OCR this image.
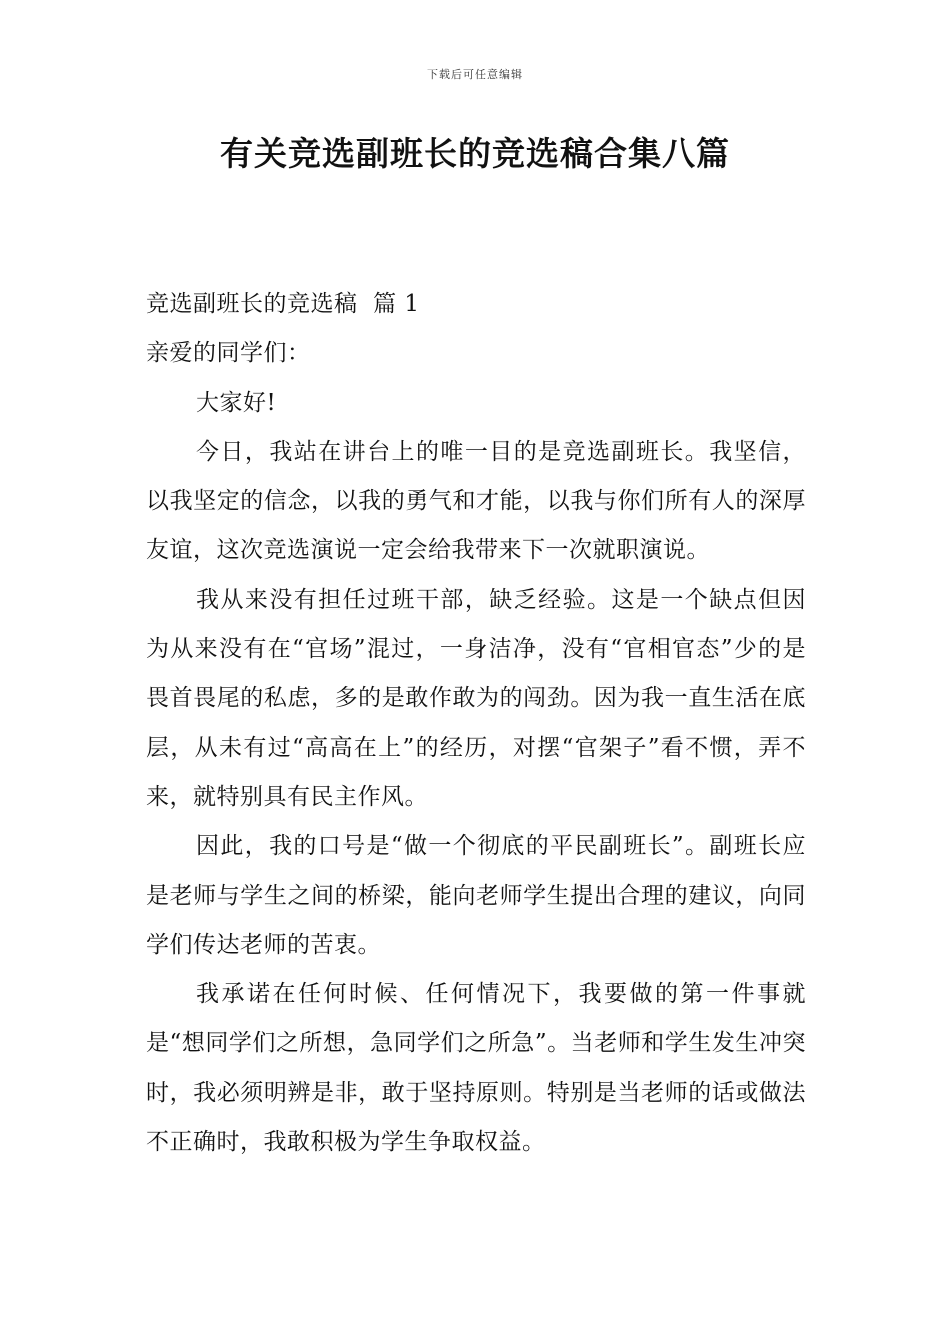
下载后可任意编辑
有关竞选副班长的竞选稿合集八篇

竞选副班长的竞选稿  篇 1

亲爱的同学们：

大家好!

今日，我站在讲台上的唯一目的是竞选副班长。我坚信，以我坚定的信念，以我的勇气和才能，以我与你们所有人的深厚友谊，这次竞选演说一定会给我带来下一次就职演说。

我从来没有担任过班干部，缺乏经验。这是一个缺点但因为从来没有在“官场”混过，一身洁净，没有“官相官态”少的是畏首畏尾的私虑，多的是敢作敢为的闯劲。因为我一直生活在底层，从未有过“高高在上”的经历，对摆“官架子”看不惯，弄不来，就特别具有民主作风。

因此，我的口号是“做一个彻底的平民副班长”。副班长应是老师与学生之间的桥梁，能向老师学生提出合理的建议，向同学们传达老师的苦衷。

我承诺在任何时候、任何情况下，我要做的第一件事就是“想同学们之所想，急同学们之所急”。当老师和学生发生冲突时，我必须明辨是非，敢于坚持原则。特别是当老师的话或做法不正确时，我敢积极为学生争取权益。
